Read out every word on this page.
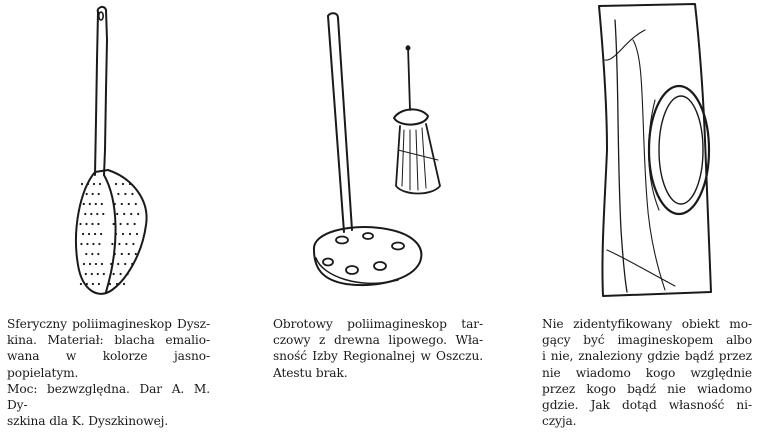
Sferyczny poliimagineskop Dysz-
kina. Materiał: blacha emalio-
wana w kolorze jasno-popielatym.
Moc: bezwzględna. Dar A. M. Dy-
szkina dla K. Dyszkinowej.
Obrotowy poliimagineskop tar-
czowy z drewna lipowego. Wła-
sność Izby Regionalnej w Oszczu.
Atestu brak.
Nie zidentyfikowany obiekt mo-
gący być imagineskopem albo
i nie, znaleziony gdzie bądź przez
nie wiadomo kogo względnie
przez kogo bądź nie wiadomo
gdzie. Jak dotąd własność ni-
czyja.
